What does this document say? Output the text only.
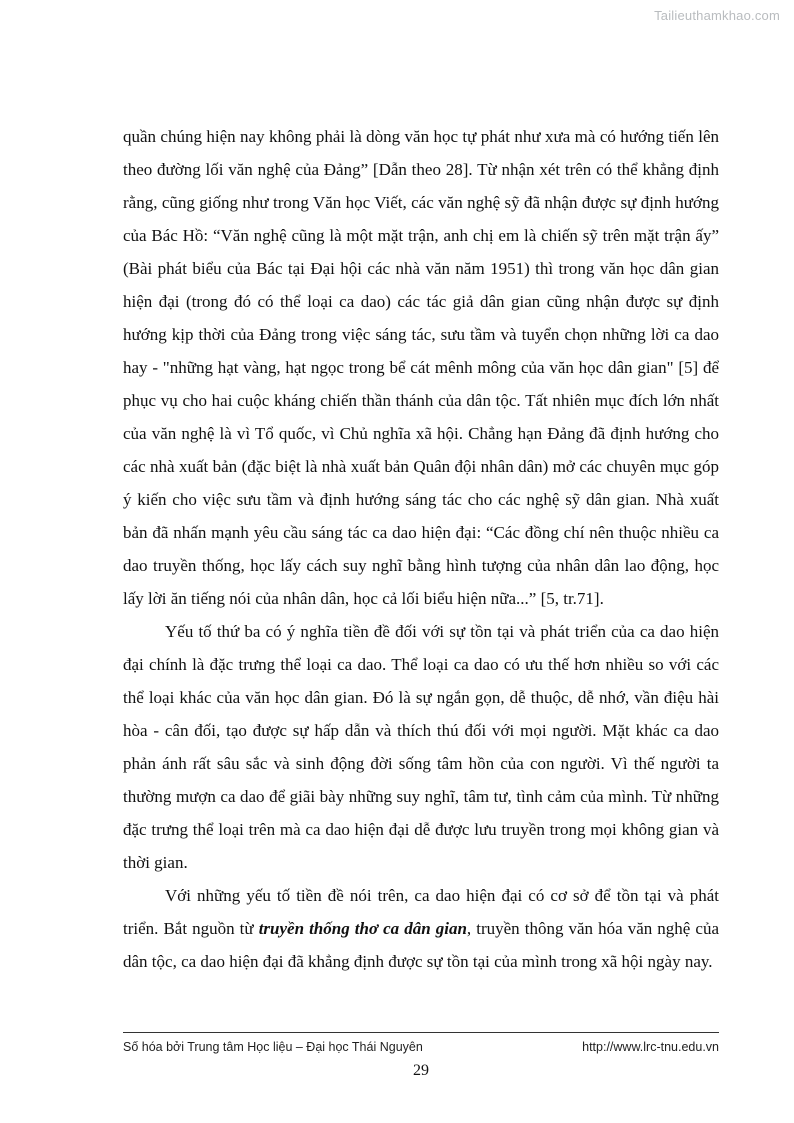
Tailieuthamkhao.com

quần chúng hiện nay không phải là dòng văn học tự phát như xưa mà có hướng tiến lên theo đường lối văn nghệ của Đảng” [Dẫn theo 28]. Từ nhận xét trên có thể khẳng định rằng, cũng giống như trong Văn học Viết, các văn nghệ sỹ đã nhận được sự định hướng của Bác Hồ: “Văn nghệ cũng là một mặt trận, anh chị em là chiến sỹ trên mặt trận ấy” (Bài phát biểu của Bác tại Đại hội các nhà văn năm 1951) thì trong văn học dân gian hiện đại (trong đó có thể loại ca dao) các tác giả dân gian cũng nhận được sự định hướng kịp thời của Đảng trong việc sáng tác, sưu tầm và tuyển chọn những lời ca dao hay - "những hạt vàng, hạt ngọc trong bể cát mênh mông của văn học dân gian" [5] để phục vụ cho hai cuộc kháng chiến thần thánh của dân tộc. Tất nhiên mục đích lớn nhất của văn nghệ là vì Tổ quốc, vì Chủ nghĩa xã hội. Chẳng hạn Đảng đã định hướng cho các nhà xuất bản (đặc biệt là nhà xuất bản Quân đội nhân dân) mở các chuyên mục góp ý kiến cho việc sưu tầm và định hướng sáng tác cho các nghệ sỹ dân gian. Nhà xuất bản đã nhấn mạnh yêu cầu sáng tác ca dao hiện đại: “Các đồng chí nên thuộc nhiều ca dao truyền thống, học lấy cách suy nghĩ bằng hình tượng của nhân dân lao động, học lấy lời ăn tiếng nói của nhân dân, học cả lối biểu hiện nữa...” [5, tr.71].

Yếu tố thứ ba có ý nghĩa tiền đề đối với sự tồn tại và phát triển của ca dao hiện đại chính là đặc trưng thể loại ca dao. Thể loại ca dao có ưu thế hơn nhiều so với các thể loại khác của văn học dân gian. Đó là sự ngắn gọn, dễ thuộc, dễ nhớ, vần điệu hài hòa - cân đối, tạo được sự hấp dẫn và thích thú đối với mọi người. Mặt khác ca dao phản ánh rất sâu sắc và sinh động đời sống tâm hồn của con người. Vì thế người ta thường mượn ca dao để giãi bày những suy nghĩ, tâm tư, tình cảm của mình. Từ những đặc trưng thể loại trên mà ca dao hiện đại dễ được lưu truyền trong mọi không gian và thời gian.

Với những yếu tố tiền đề nói trên, ca dao hiện đại có cơ sở để tồn tại và phát triển. Bắt nguồn từ truyền thống thơ ca dân gian, truyền thông văn hóa văn nghệ của dân tộc, ca dao hiện đại đã khẳng định được sự tồn tại của mình trong xã hội ngày nay.

Số hóa bởi Trung tâm Học liệu – Đại học Thái Nguyên	http://www.lrc-tnu.edu.vn
29
